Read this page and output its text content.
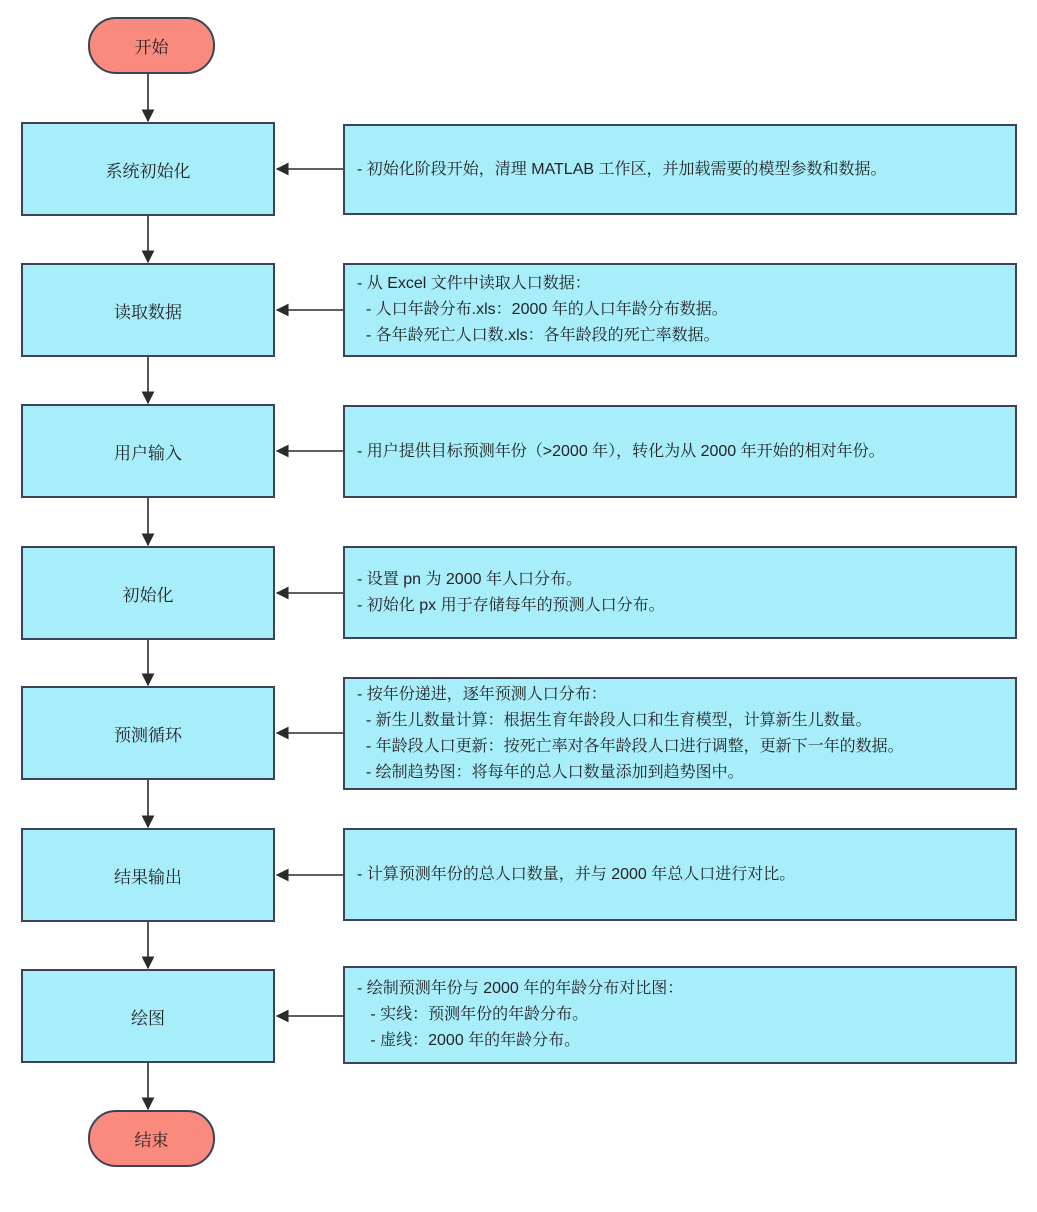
开始
系统初始化	- 初始化阶段开始，清理 MATLAB 工作区，并加载需要的模型参数和数据。
读取数据
- 从 Excel 文件中读取人口数据：
- 人口年龄分布.xls：2000 年的人口年龄分布数据。
- 各年龄死亡人口数.xls：各年龄段的死亡率数据。
用户输入	- 用户提供目标预测年份（>2000 年），转化为从 2000 年开始的相对年份。
初始化
- 设置 pn 为 2000 年人口分布。
- 初始化 px 用于存储每年的预测人口分布。
预测循环
- 按年份递进，逐年预测人口分布：
- 新生儿数量计算：根据生育年龄段人口和生育模型，计算新生儿数量。
- 年龄段人口更新：按死亡率对各年龄段人口进行调整，更新下一年的数据。
- 绘制趋势图：将每年的总人口数量添加到趋势图中。
结果输出	- 计算预测年份的总人口数量，并与 2000 年总人口进行对比。
绘图
- 绘制预测年份与 2000 年的年龄分布对比图：
- 实线：预测年份的年龄分布。
- 虚线：2000 年的年龄分布。
结束
